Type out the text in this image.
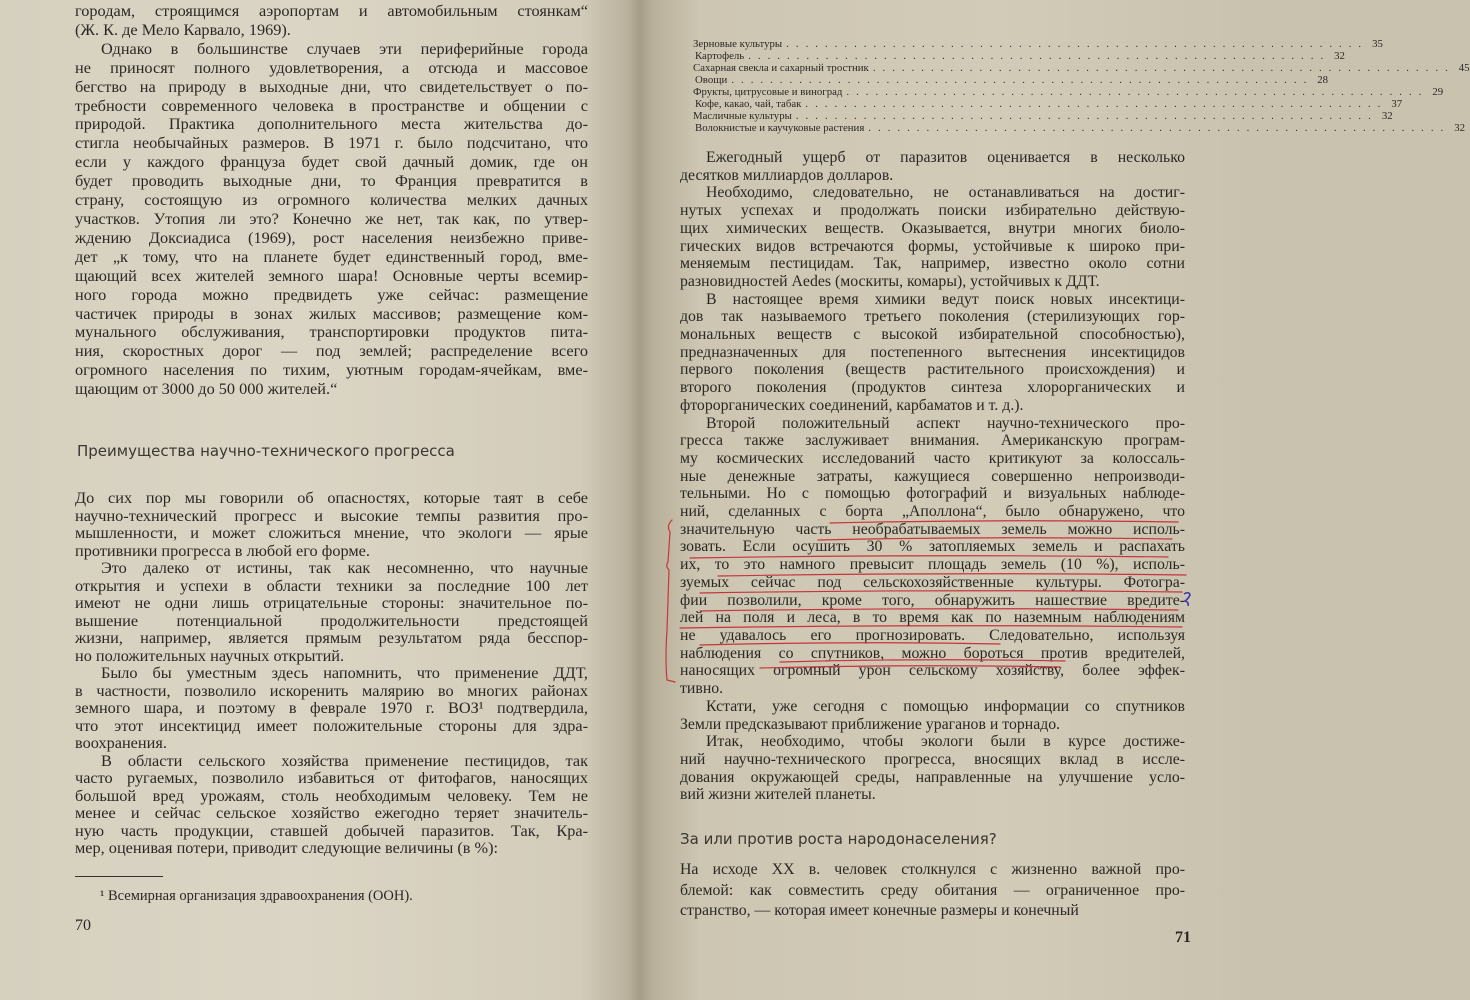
городам, строящимся аэропортам и автомобильным стоянкам“
(Ж. К. де Мело Карвало, 1969).
Однако в большинстве случаев эти периферийные города
не приносят полного удовлетворения, а отсюда и массовое
бегство на природу в выходные дни, что свидетельствует о по-
требности современного человека в пространстве и общении с
природой. Практика дополнительного места жительства до-
стигла необычайных размеров. В 1971 г. было подсчитано, что
если у каждого француза будет свой дачный домик, где он
будет проводить выходные дни, то Франция превратится в
страну, состоящую из огромного количества мелких дачных
участков. Утопия ли это? Конечно же нет, так как, по утвер-
ждению Доксиадиса (1969), рост населения неизбежно приве-
дет „к тому, что на планете будет единственный город, вме-
щающий всех жителей земного шара! Основные черты всемир-
ного города можно предвидеть уже сейчас: размещение
частичек природы в зонах жилых массивов; размещение ком-
мунального обслуживания, транспортировки продуктов пита-
ния, скоростных дорог — под землей; распределение всего
огромного населения по тихим, уютным городам-ячейкам, вме-
щающим от 3000 до 50 000 жителей.“
Преимущества научно-технического прогресса
До сих пор мы говорили об опасностях, которые таят в себе
научно-технический прогресс и высокие темпы развития про-
мышленности, и может сложиться мнение, что экологи — ярые
противники прогресса в любой его форме.
Это далеко от истины, так как несомненно, что научные
открытия и успехи в области техники за последние 100 лет
имеют не одни лишь отрицательные стороны: значительное по-
вышение потенциальной продолжительности предстоящей
жизни, например, является прямым результатом ряда бесспор-
но положительных научных открытий.
Было бы уместным здесь напомнить, что применение ДДТ,
в частности, позволило искоренить малярию во многих районах
земного шара, и поэтому в феврале 1970 г. ВОЗ¹ подтвердила,
что этот инсектицид имеет положительные стороны для здра-
воохранения.
В области сельского хозяйства применение пестицидов, так
часто ругаемых, позволило избавиться от фитофагов, наносящих
большой вред урожаям, столь необходимым человеку. Тем не
менее и сейчас сельское хозяйство ежегодно теряет значитель-
ную часть продукции, ставшей добычей паразитов. Так, Кра-
мер, оценивая потери, приводит следующие величины (в %):
¹ Всемирная организация здравоохранения (ООН).
70
Зерновые культуры ............................................................ 35
Картофель ............................................................ 32
Сахарная свекла и сахарный тростник ............................................................ 45
Овощи ............................................................ 28
Фрукты, цитрусовые и виноград ............................................................ 29
Кофе, какао, чай, табак ............................................................ 37
Масличные культуры ............................................................ 32
Волокнистые и каучуковые растения ............................................................ 32
Ежегодный ущерб от паразитов оценивается в несколько
десятков миллиардов долларов.
Необходимо, следовательно, не останавливаться на достиг-
нутых успехах и продолжать поиски избирательно действую-
щих химических веществ. Оказывается, внутри многих биоло-
гических видов встречаются формы, устойчивые к широко при-
меняемым пестицидам. Так, например, известно около сотни
разновидностей Aedes (москиты, комары), устойчивых к ДДТ.
В настоящее время химики ведут поиск новых инсектици-
дов так называемого третьего поколения (стерилизующих гор-
мональных веществ с высокой избирательной способностью),
предназначенных для постепенного вытеснения инсектицидов
первого поколения (веществ растительного происхождения) и
второго поколения (продуктов синтеза хлорорганических и
фторорганических соединений, карбаматов и т. д.).
Второй положительный аспект научно-технического про-
гресса также заслуживает внимания. Американскую програм-
му космических исследований часто критикуют за колоссаль-
ные денежные затраты, кажущиеся совершенно непроизводи-
тельными. Но с помощью фотографий и визуальных наблюде-
ний, сделанных с борта „Аполлона“, было обнаружено, что
значительную часть необрабатываемых земель можно исполь-
зовать. Если осушить 30 % затопляемых земель и распахать
их, то это намного превысит площадь земель (10 %), исполь-
зуемых сейчас под сельскохозяйственные культуры. Фотогра-
фии позволили, кроме того, обнаружить нашествие вредите-
лей на поля и леса, в то время как по наземным наблюдениям
не удавалось его прогнозировать. Следовательно, используя
наблюдения со спутников, можно бороться против вредителей,
наносящих огромный урон сельскому хозяйству, более эффек-
тивно.
Кстати, уже сегодня с помощью информации со спутников
Земли предсказывают приближение ураганов и торнадо.
Итак, необходимо, чтобы экологи были в курсе достиже-
ний научно-технического прогресса, вносящих вклад в иссле-
дования окружающей среды, направленные на улучшение усло-
вий жизни жителей планеты.
За или против роста народонаселения?
На исходе XX в. человек столкнулся с жизненно важной про-
блемой: как совместить среду обитания — ограниченное про-
странство, — которая имеет конечные размеры и конечный
71
